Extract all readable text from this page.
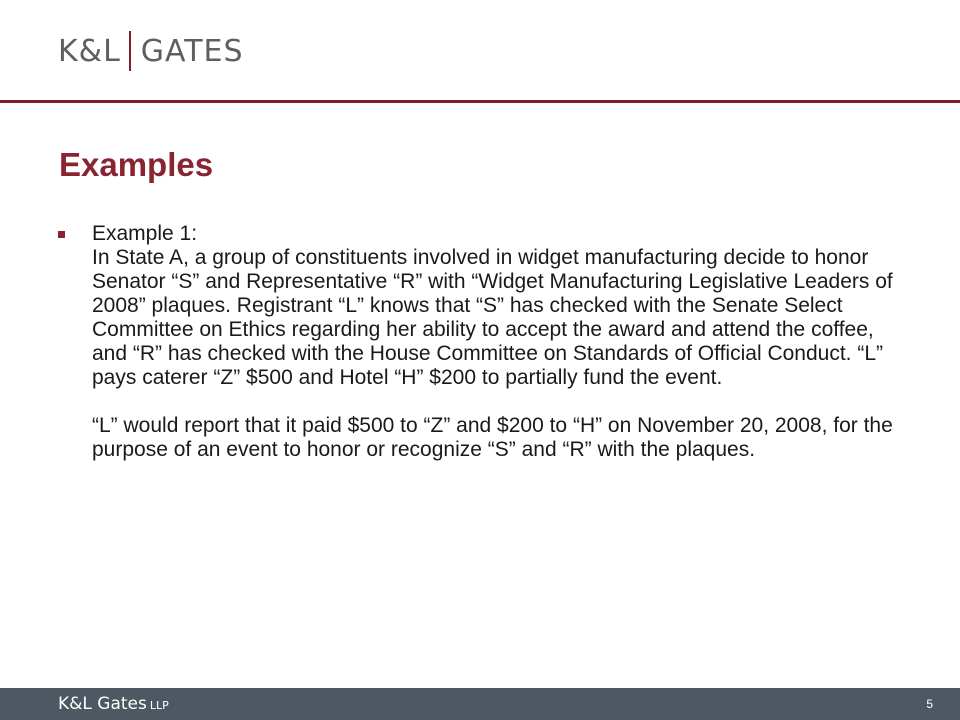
K&L GATES
Examples

Example 1:

In State A, a group of constituents involved in widget manufacturing decide to honor Senator “S” and Representative “R” with “Widget Manufacturing Legislative Leaders of 2008” plaques. Registrant “L” knows that “S” has checked with the Senate Select Committee on Ethics regarding her ability to accept the award and attend the coffee, and “R” has checked with the House Committee on Standards of Official Conduct. “L” pays caterer “Z” $500 and Hotel “H” $200 to partially fund the event.

“L” would report that it paid $500 to “Z” and $200 to “H” on November 20, 2008, for the purpose of an event to honor or recognize “S” and “R” with the plaques.

K&L Gates LLP	5
